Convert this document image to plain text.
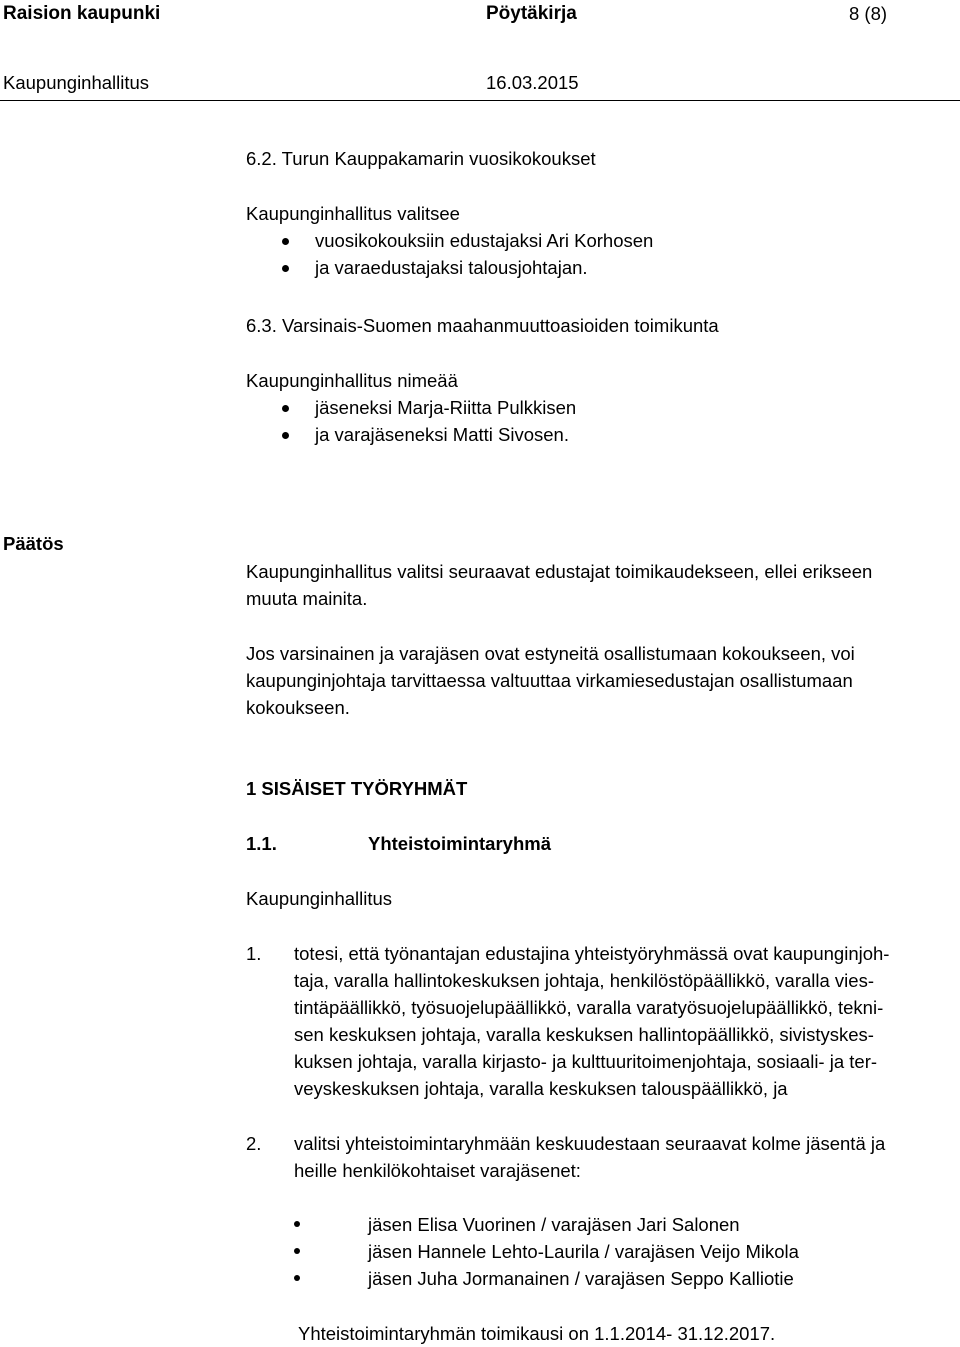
Raision kaupunki	Pöytäkirja	8 (8)
Kaupunginhallitus	16.03.2015
6.2. Turun Kauppakamarin vuosikokoukset
Kaupunginhallitus valitsee
vuosikokouksiin edustajaksi Ari Korhosen
ja varaedustajaksi talousjohtajan.
6.3. Varsinais-Suomen maahanmuuttoasioiden toimikunta
Kaupunginhallitus nimeää
jäseneksi Marja-Riitta Pulkkisen
ja varajäseneksi Matti Sivosen.
Päätös
Kaupunginhallitus valitsi seuraavat edustajat toimikaudekseen, ellei erikseen
muuta mainita.
Jos varsinainen ja varajäsen ovat estyneitä osallistumaan kokoukseen, voi
kaupunginjohtaja tarvittaessa valtuuttaa virkamiesedustajan osallistumaan
kokoukseen.
1 SISÄISET TYÖRYHMÄT
1.1.	Yhteistoimintaryhmä
Kaupunginhallitus
1. totesi, että työnantajan edustajina yhteistyöryhmässä ovat kaupunginjoh-
taja, varalla hallintokeskuksen johtaja, henkilöstöpäällikkö, varalla vies-
tintäpäällikkö, työsuojelupäällikkö, varalla varatyösuojelupäällikkö, tekni-
sen keskuksen johtaja, varalla keskuksen hallintopäällikkö, sivistyskes-
kuksen johtaja, varalla kirjasto- ja kulttuuritoimenjohtaja, sosiaali- ja ter-
veyskeskuksen johtaja, varalla keskuksen talouspäällikkö, ja
2. valitsi yhteistoimintaryhmään keskuudestaan seuraavat kolme jäsentä ja
heille henkilökohtaiset varajäsenet:
jäsen Elisa Vuorinen / varajäsen Jari Salonen
jäsen Hannele Lehto-Laurila / varajäsen Veijo Mikola
jäsen Juha Jormanainen / varajäsen Seppo Kalliotie
Yhteistoimintaryhmän toimikausi on 1.1.2014- 31.12.2017.
